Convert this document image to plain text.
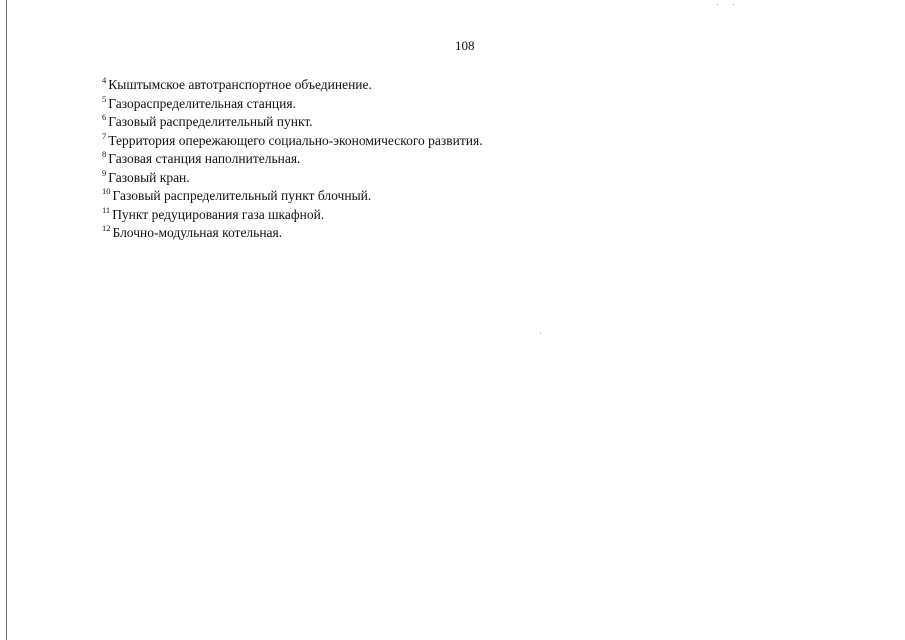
108
$^4$ Кыштымское автотранспортное объединение.
$^5$ Газораспределительная станция.
$^6$ Газовый распределительный пункт.
$^7$ Территория опережающего социально-экономического развития.
$^8$ Газовая станция наполнительная.
$^9$ Газовый кран.
$^{10}$ Газовый распределительный пункт блочный.
$^{11}$ Пункт редуцирования газа шкафной.
$^{12}$ Блочно-модульная котельная.
